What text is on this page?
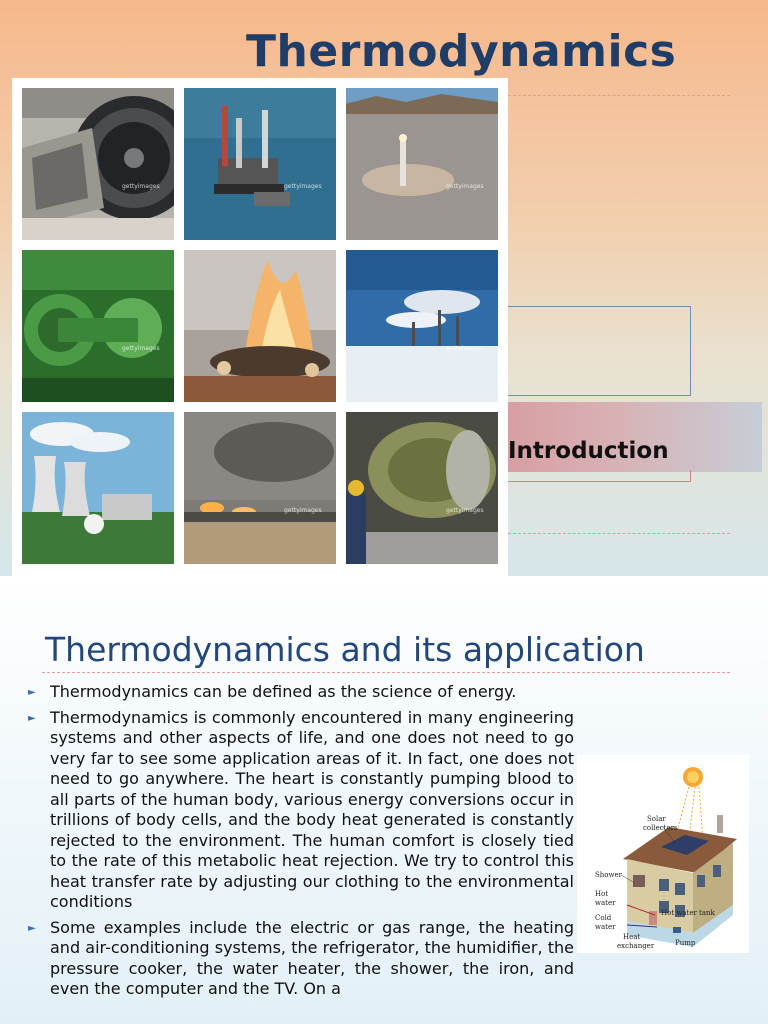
Thermodynamics
Introduction
gettyimages	gettyimages	gettyimages
gettyimages	gettyimages
gettyimages	gettyimages
Thermodynamics and its application
► Thermodynamics can be defined as the science of energy.
► Thermodynamics is commonly encountered in many engineering systems and other aspects of life, and one does not need to go very far to see some application areas of it. In fact, one does not need to go anywhere. The heart is constantly pumping blood to all parts of the human body, various energy conversions occur in trillions of body cells, and the body heat generated is constantly rejected to the environment. The human comfort is closely tied to the rate of this metabolic heat rejection. We try to control this heat transfer rate by adjusting our clothing to the environmental conditions
► Some examples include the electric or gas range, the heating and air-conditioning systems, the refrigerator, the humidifier, the pressure cooker, the water heater, the shower, the iron, and even the computer and the TV. On a
Solar
collectors
Shower
Hot
water
Hot water tank
Cold
water
Heat
exchanger	Pump
